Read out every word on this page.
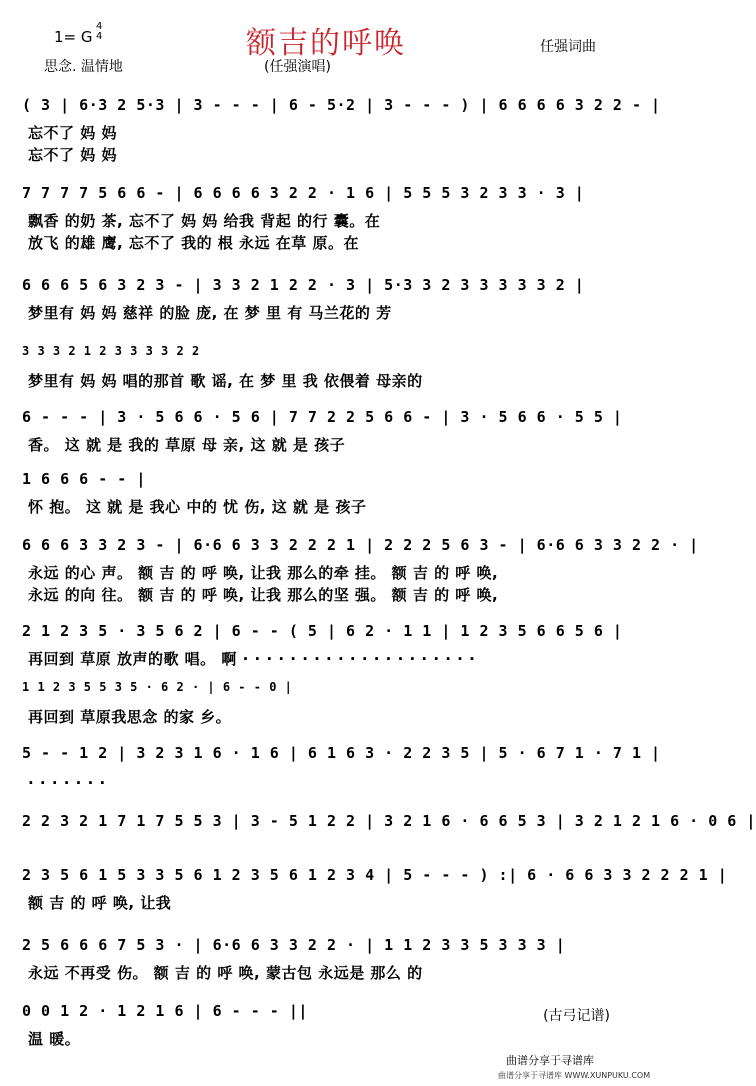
额吉的呼唤
1= G
4
4
思念. 温情地	(任强演唱)
任强词曲
( 3 | 6·3 2 5·3 | 3 - - - | 6 - 5·2 | 3 - - - ) | 6 6 6 6 3 2 2 - |
忘不了 妈 妈
忘不了 妈 妈
7 7 7 7 5 6 6 - | 6 6 6 6 3 2 2 · 1 6 | 5 5 5 3 2 3 3 · 3 |
飘香 的奶 茶, 忘不了 妈 妈 给我 背起 的行 囊。在
放飞 的雄 鹰, 忘不了 我的 根 永远 在草 原。在
6 6 6 5 6 3 2 3 - | 3 3 2 1 2 2 · 3 | 5·3 3 2 3 3 3 3 3 2 |
梦里有 妈 妈 慈祥 的脸 庞, 在 梦 里 有 马兰花的 芳
3 3 3 2 1 2 3 3 3 3 2 2
梦里有 妈 妈 唱的那首 歌 谣, 在 梦 里 我 依偎着 母亲的
6 - - - | 3 · 5 6 6 · 5 6 | 7 7 2 2 5 6 6 - | 3 · 5 6 6 · 5 5 |
香。 这 就 是 我的 草原 母 亲, 这 就 是 孩子
1 6 6 6 - - |
怀 抱。 这 就 是 我心 中的 忧 伤, 这 就 是 孩子
6 6 6 3 3 2 3 - | 6·6 6 3 3 2 2 2 1 | 2 2 2 5 6 3 - | 6·6 6 3 3 2 2 · |
永远 的心 声。 额 吉 的 呼 唤, 让我 那么的牵 挂。 额 吉 的 呼 唤,
永远 的向 往。 额 吉 的 呼 唤, 让我 那么的坚 强。 额 吉 的 呼 唤,
2 1 2 3 5 · 3 5 6 2 | 6 - - ( 5 | 6 2 · 1 1 | 1 2 3 5 6 6 5 6 |
再回到 草原 放声的歌 唱。 啊 · · · · · · · · · · · · · · · · · · · ·
1 1 2 3 5 5 3 5 · 6 2 · | 6 - - 0 |
再回到 草原我思念 的家 乡。
5 - - 1 2 | 3 2 3 1 6 · 1 6 | 6 1 6 3 · 2 2 3 5 | 5 · 6 7 1 · 7 1 |
. . . . . . .
2 2 3 2 1 7 1 7 5 5 3 | 3 - 5 1 2 2 | 3 2 1 6 · 6 6 5 3 | 3 2 1 2 1 6 · 0 6 |
2 3 5 6 1 5 3 3 5 6 1 2 3 5 6 1 2 3 4 | 5 - - - ) :| 6 · 6 6 3 3 2 2 2 1 |
额 吉 的 呼 唤, 让我
2 5 6 6 6 7 5 3 · | 6·6 6 3 3 2 2 · | 1 1 2 3 3 5 3 3 3 |
永远 不再受 伤。 额 吉 的 呼 唤, 蒙古包 永远是 那么 的
0 0 1 2 · 1 2 1 6 | 6 - - - ||
温 暖。
(古弓记谱)
曲谱分享于寻谱库
曲谱分享于寻谱库 WWW.XUNPUKU.COM
